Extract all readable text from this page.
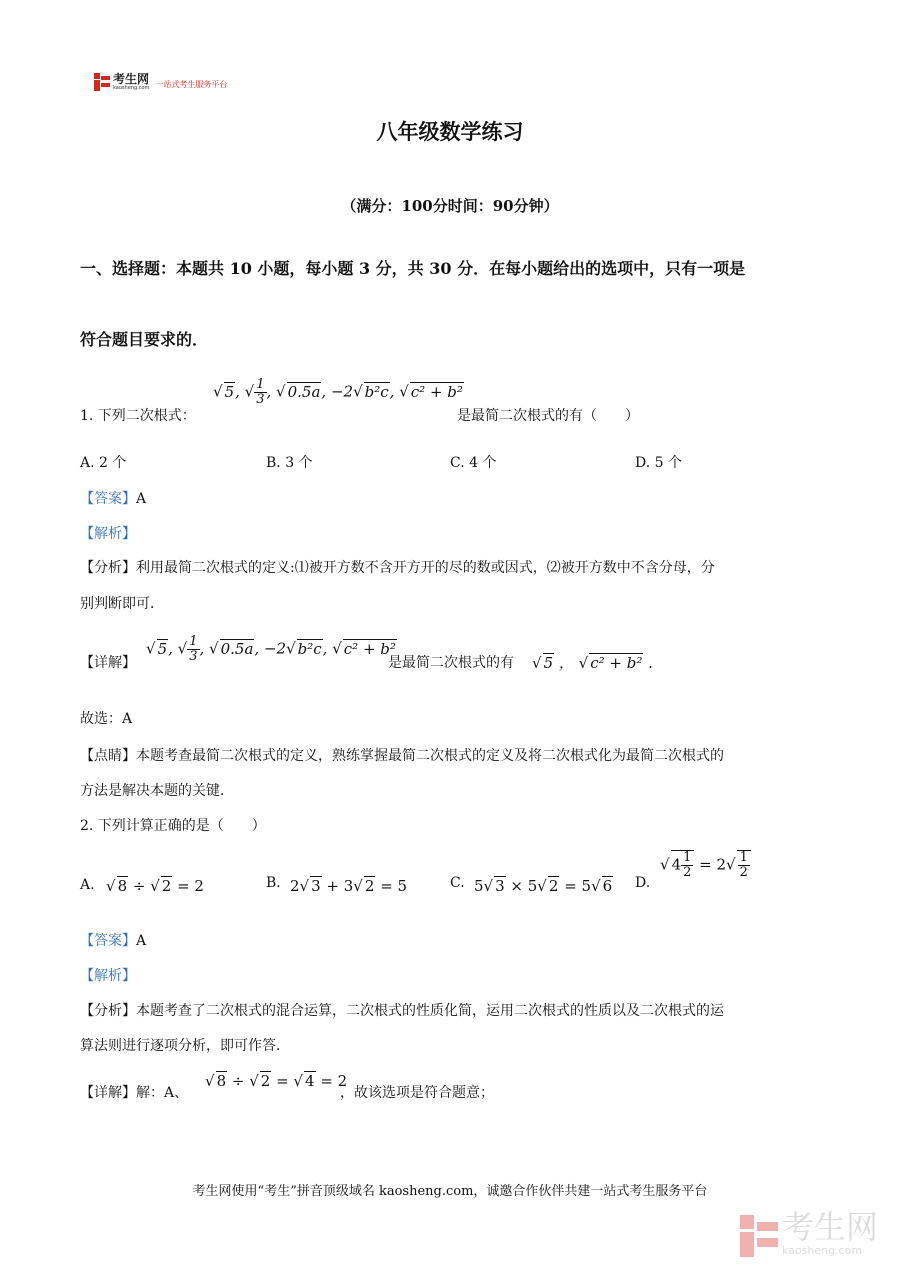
考生网
kaosheng.com 一站式考生服务平台
八年级数学练习
（满分：100分时间：90分钟）
一、选择题：本题共 10 小题，每小题 3 分，共 30 分．在每小题给出的选项中，只有一项是
符合题目要求的．
1. 下列二次根式：
√ 5, √ $\frac{1}{3}$ , √ 0.5a, −2√ b²c, √ c² + b²
是最简二次根式的有（　　）
A. 2 个	B. 3 个	C. 4 个	D. 5 个
【答案】A
【解析】
【分析】利用最简二次根式的定义:⑴被开方数不含开方开的尽的数或因式，⑵被开方数中不含分母，分
别判断即可．
【详解】
√ 5, √ $\frac{1}{3}$ , √ 0.5a, −2√ b²c, √ c² + b²
是最简二次根式的有 √ 5 ， √ c² + b² .
故选：A
【点睛】本题考查最简二次根式的定义，熟练掌握最简二次根式的定义及将二次根式化为最简二次根式的
方法是解决本题的关键．
2. 下列计算正确的是（　　）
A. √ 8 ÷ √ 2 = 2	B. 2√ 3 + 3√ 2 = 5	C. 5√ 3 × 5√ 2 = 5√ 6 D.
√ $4 \frac{1}{2} = 2√ \frac{1}{2}$
【答案】A
【解析】
【分析】本题考查了二次根式的混合运算，二次根式的性质化简，运用二次根式的性质以及二次根式的运
算法则进行逐项分析，即可作答．
【详解】解：A、
√ 8 ÷ √ 2 = √ 4 = 2
，故该选项是符合题意；
考生网使用“考生”拼音顶级域名 kaosheng.com，诚邀合作伙伴共建一站式考生服务平台
考生网
kaosheng.com
